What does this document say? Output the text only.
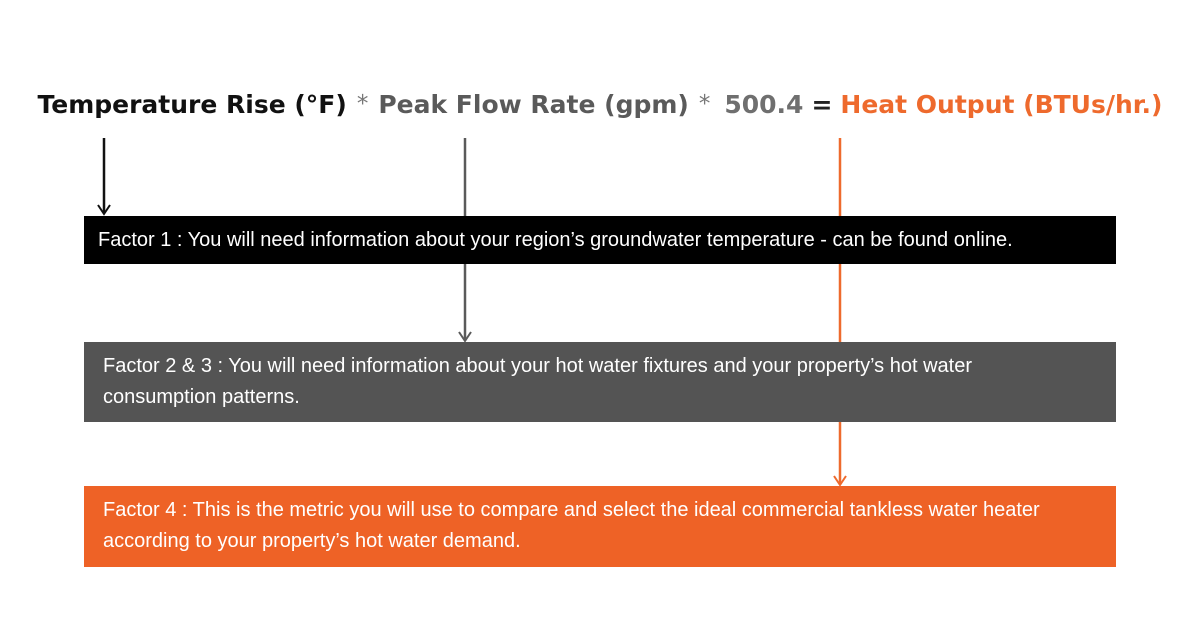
Temperature Rise (°F) * Peak Flow Rate (gpm) * 500.4 = Heat Output (BTUs/hr.)
Factor 1 : You will need information about your region’s groundwater temperature - can be found online.
Factor 2 & 3 : You will need information about your hot water fixtures and your property’s hot water consumption patterns.
Factor 4 : This is the metric you will use to compare and select the ideal commercial tankless water heater according to your property’s hot water demand.
